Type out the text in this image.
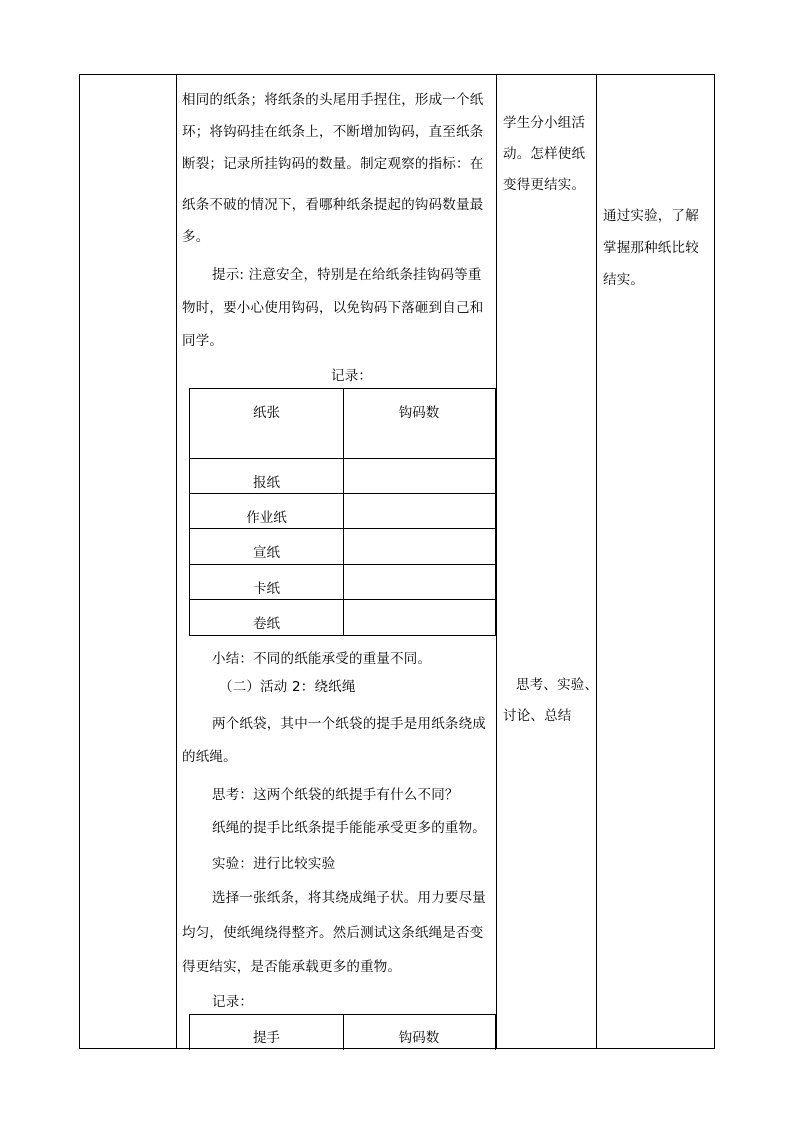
相同的纸条；将纸条的头尾用手捏住，形成一个纸
环；将钩码挂在纸条上，不断增加钩码，直至纸条
断裂；记录所挂钩码的数量。制定观察的指标：在
纸条不破的情况下，看哪种纸条提起的钩码数量最
多。
提示: 注意安全，特别是在给纸条挂钩码等重
物时，要小心使用钩码，以免钩码下落砸到自己和
同学。
记录：
纸张	钩码数
报纸
作业纸
宣纸
卡纸
卷纸
小结：不同的纸能承受的重量不同。
（二）活动 2：绕纸绳
两个纸袋，其中一个纸袋的提手是用纸条绕成
的纸绳。
思考：这两个纸袋的纸提手有什么不同？
纸绳的提手比纸条提手能能承受更多的重物。
实验：进行比较实验
选择一张纸条，将其绕成绳子状。用力要尽量
均匀，使纸绳绕得整齐。然后测试这条纸绳是否变
得更结实，是否能承载更多的重物。
记录：
提手	钩码数
学生分小组活
动。怎样使纸
变得更结实。
思考、实验、
讨论、总结
通过实验，了解
掌握那种纸比较
结实。
